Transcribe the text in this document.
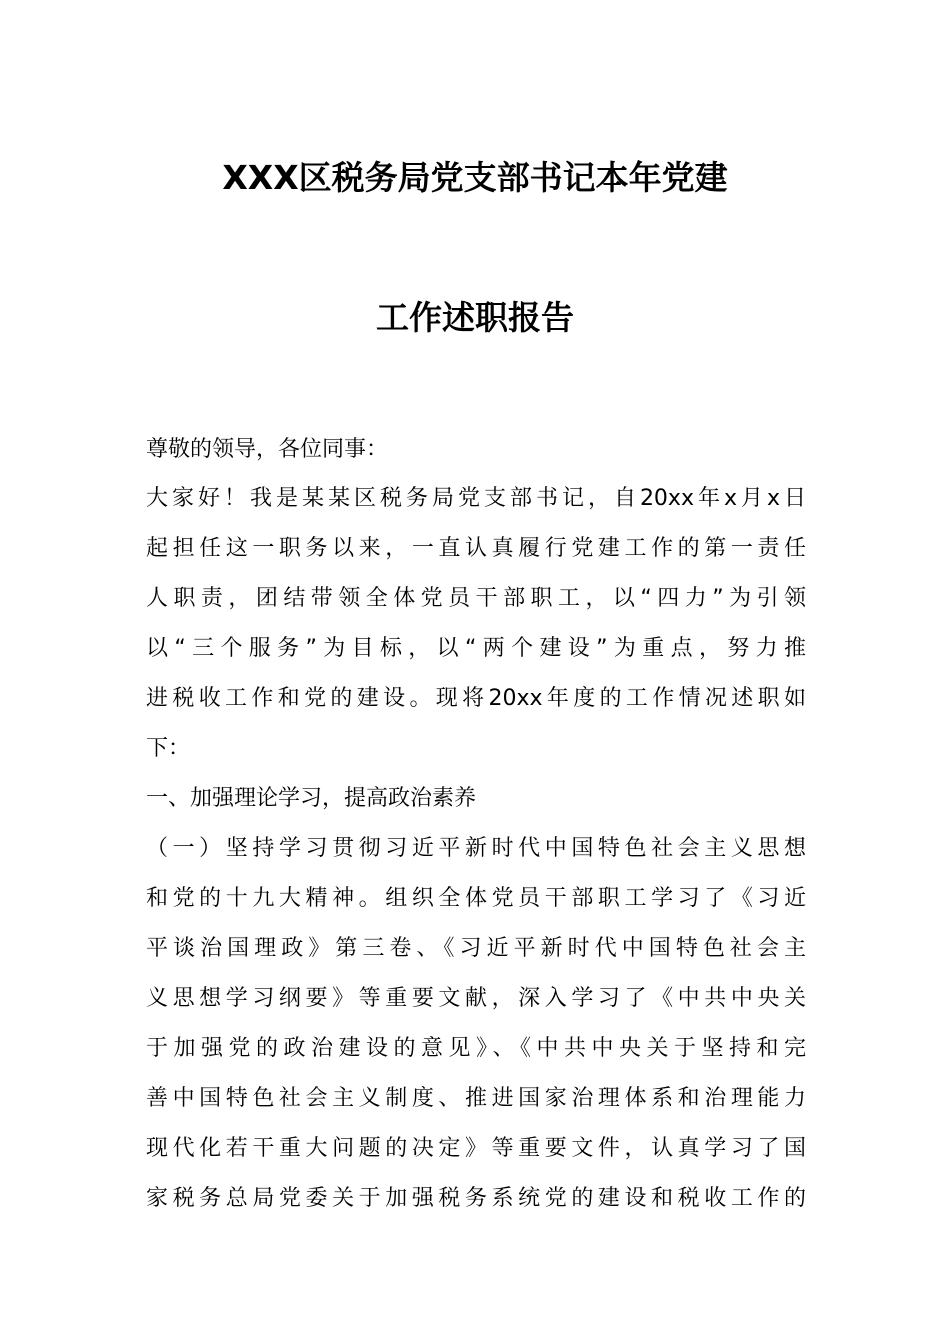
XXX区税务局党支部书记本年党建
工作述职报告
尊敬的领导，各位同事：
大家好！我是某某区税务局党支部书记，自20xx年x月x日
起担任这一职务以来，一直认真履行党建工作的第一责任
人职责，团结带领全体党员干部职工，以“四力”为引领
以“三个服务”为目标，以“两个建设”为重点，努力推
进税收工作和党的建设。现将20xx年度的工作情况述职如
下：
一、加强理论学习，提高政治素养
（一）坚持学习贯彻习近平新时代中国特色社会主义思想
和党的十九大精神。组织全体党员干部职工学习了《习近
平谈治国理政》第三卷、《习近平新时代中国特色社会主
义思想学习纲要》等重要文献，深入学习了《中共中央关
于加强党的政治建设的意见》、《中共中央关于坚持和完
善中国特色社会主义制度、推进国家治理体系和治理能力
现代化若干重大问题的决定》等重要文件，认真学习了国
家税务总局党委关于加强税务系统党的建设和税收工作的
